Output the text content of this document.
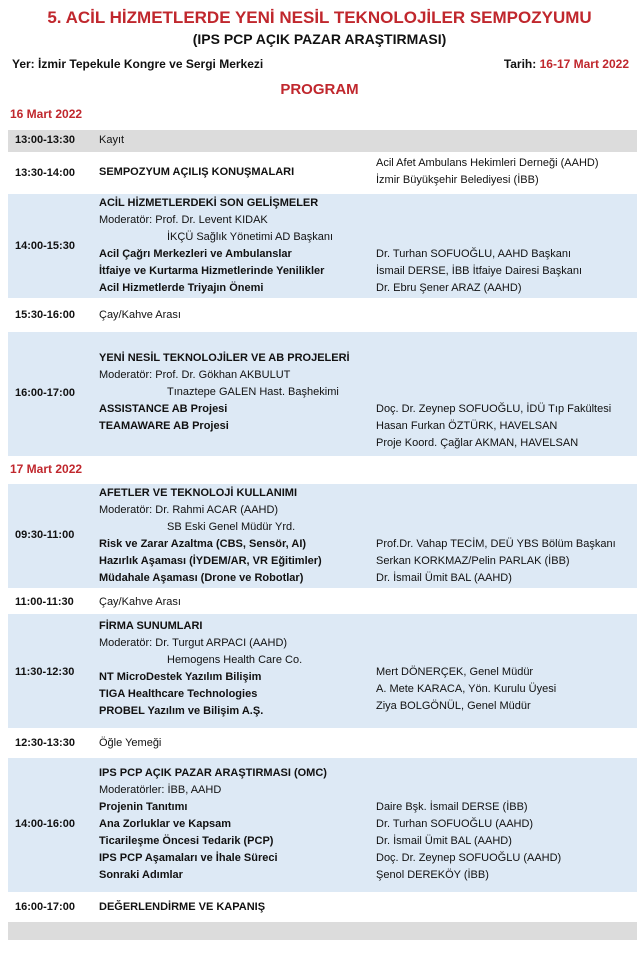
5. ACİL HİZMETLERDE YENİ NESİL TEKNOLOJİLER SEMPOZYUMU
(IPS PCP AÇIK PAZAR ARAŞTIRMASI)
Yer: İzmir Tepekule Kongre ve Sergi Merkezi	Tarih: 16-17 Mart 2022
PROGRAM
16 Mart 2022
13:00-13:30 Kayıt
13:30-14:00 SEMPOZYUM AÇILIŞ KONUŞMALARI
Acil Afet Ambulans Hekimleri Derneği (AAHD)
İzmir Büyükşehir Belediyesi (İBB)
14:00-15:30
ACİL HİZMETLERDEKİ SON GELİŞMELER
Moderatör: Prof. Dr. Levent KIDAK
İKÇÜ Sağlık Yönetimi AD Başkanı
Acil Çağrı Merkezleri ve Ambulanslar
İtfaiye ve Kurtarma Hizmetlerinde Yenilikler
Acil Hizmetlerde Triyajın Önemi
Dr. Turhan SOFUOĞLU, AAHD Başkanı
İsmail DERSE, İBB İtfaiye Dairesi Başkanı
Dr. Ebru Şener ARAZ (AAHD)
15:30-16:00 Çay/Kahve Arası
16:00-17:00
YENİ NESİL TEKNOLOJİLER VE AB PROJELERİ
Moderatör: Prof. Dr. Gökhan AKBULUT
Tınaztepe GALEN Hast. Başhekimi
ASSISTANCE AB Projesi
TEAMAWARE AB Projesi
Doç. Dr. Zeynep SOFUOĞLU, İDÜ Tıp Fakültesi
Hasan Furkan ÖZTÜRK, HAVELSAN
Proje Koord. Çağlar AKMAN, HAVELSAN
17 Mart 2022
09:30-11:00
AFETLER VE TEKNOLOJİ KULLANIMI
Moderatör: Dr. Rahmi ACAR (AAHD)
SB Eski Genel Müdür Yrd.
Risk ve Zarar Azaltma (CBS, Sensör, AI)
Hazırlık Aşaması (İYDEM/AR, VR Eğitimler)
Müdahale Aşaması (Drone ve Robotlar)
Prof.Dr. Vahap TECİM, DEÜ YBS Bölüm Başkanı
Serkan KORKMAZ/Pelin PARLAK (İBB)
Dr. İsmail Ümit BAL (AAHD)
11:00-11:30 Çay/Kahve Arası
11:30-12:30
FİRMA SUNUMLARI
Moderatör: Dr. Turgut ARPACI (AAHD)
Hemogens Health Care Co.
NT MicroDestek Yazılım Bilişim
TIGA Healthcare Technologies
PROBEL Yazılım ve Bilişim A.Ş.
Mert DÖNERÇEK, Genel Müdür
A. Mete KARACA, Yön. Kurulu Üyesi
Ziya BOLGÖNÜL, Genel Müdür
12:30-13:30 Öğle Yemeği
14:00-16:00
IPS PCP AÇIK PAZAR ARAŞTIRMASI (OMC)
Moderatörler: İBB, AAHD
Projenin Tanıtımı
Ana Zorluklar ve Kapsam
Ticarileşme Öncesi Tedarik (PCP)
IPS PCP Aşamaları ve İhale Süreci
Sonraki Adımlar
Daire Bşk. İsmail DERSE (İBB)
Dr. Turhan SOFUOĞLU (AAHD)
Dr. İsmail Ümit BAL (AAHD)
Doç. Dr. Zeynep SOFUOĞLU (AAHD)
Şenol DEREKÖY (İBB)
16:00-17:00 DEĞERLENDİRME VE KAPANIŞ
